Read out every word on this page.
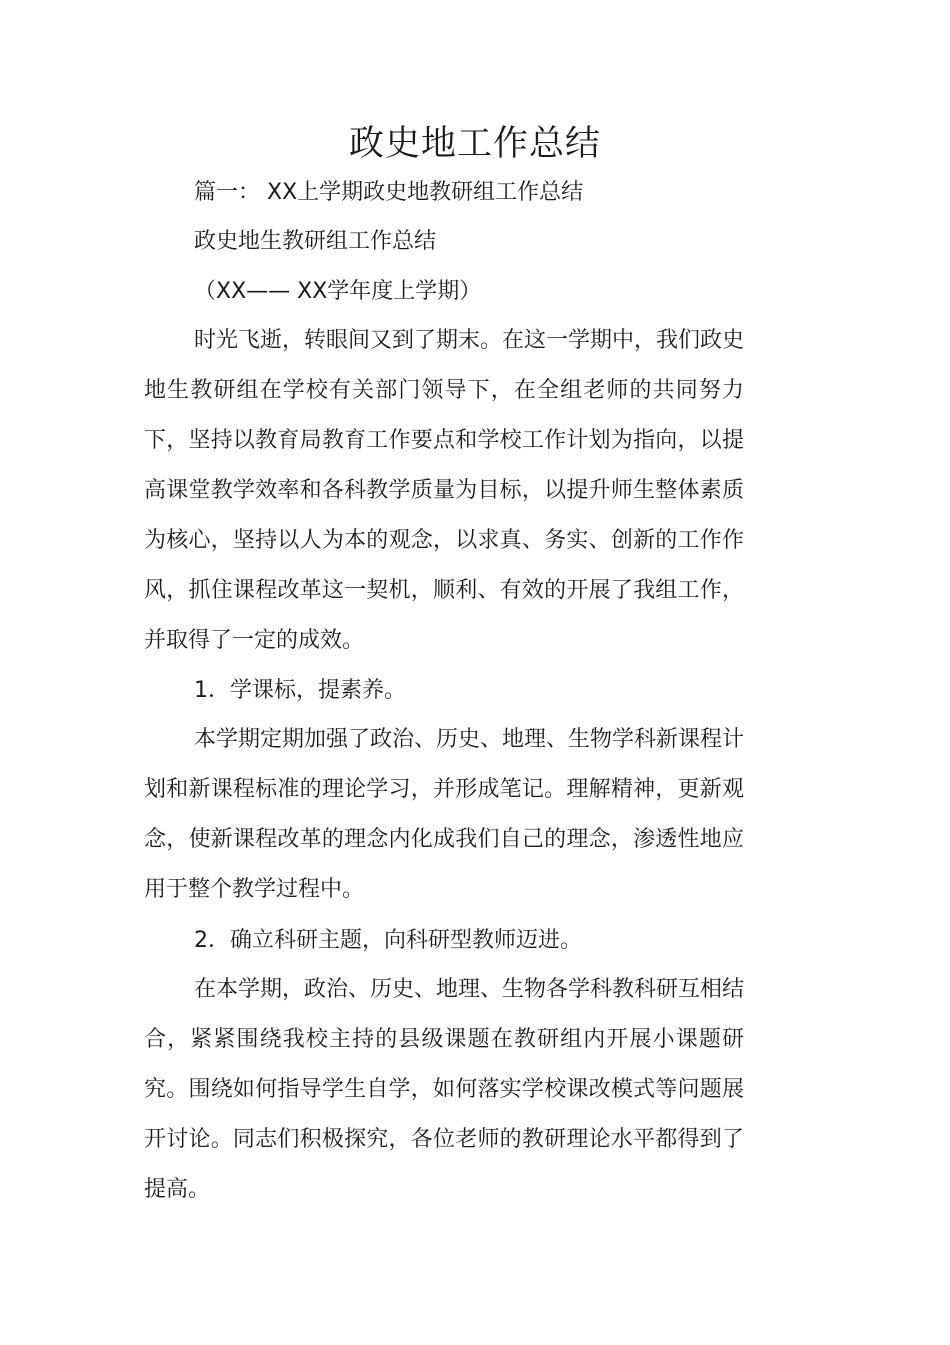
政史地工作总结

篇一： XX上学期政史地教研组工作总结

政史地生教研组工作总结

（XX—— XX学年度上学期）

时光飞逝，转眼间又到了期末。在这一学期中，我们政史地生教研组在学校有关部门领导下，在全组老师的共同努力下，坚持以教育局教育工作要点和学校工作计划为指向，以提高课堂教学效率和各科教学质量为目标，以提升师生整体素质为核心，坚持以人为本的观念，以求真、务实、创新的工作作风，抓住课程改革这一契机，顺利、有效的开展了我组工作，并取得了一定的成效。

1．学课标，提素养。

本学期定期加强了政治、历史、地理、生物学科新课程计划和新课程标准的理论学习，并形成笔记。理解精神，更新观念，使新课程改革的理念内化成我们自己的理念，渗透性地应用于整个教学过程中。

2．确立科研主题，向科研型教师迈进。

在本学期，政治、历史、地理、生物各学科教科研互相结合，紧紧围绕我校主持的县级课题在教研组内开展小课题研究。围绕如何指导学生自学，如何落实学校课改模式等问题展开讨论。同志们积极探究，各位老师的教研理论水平都得到了提高。
